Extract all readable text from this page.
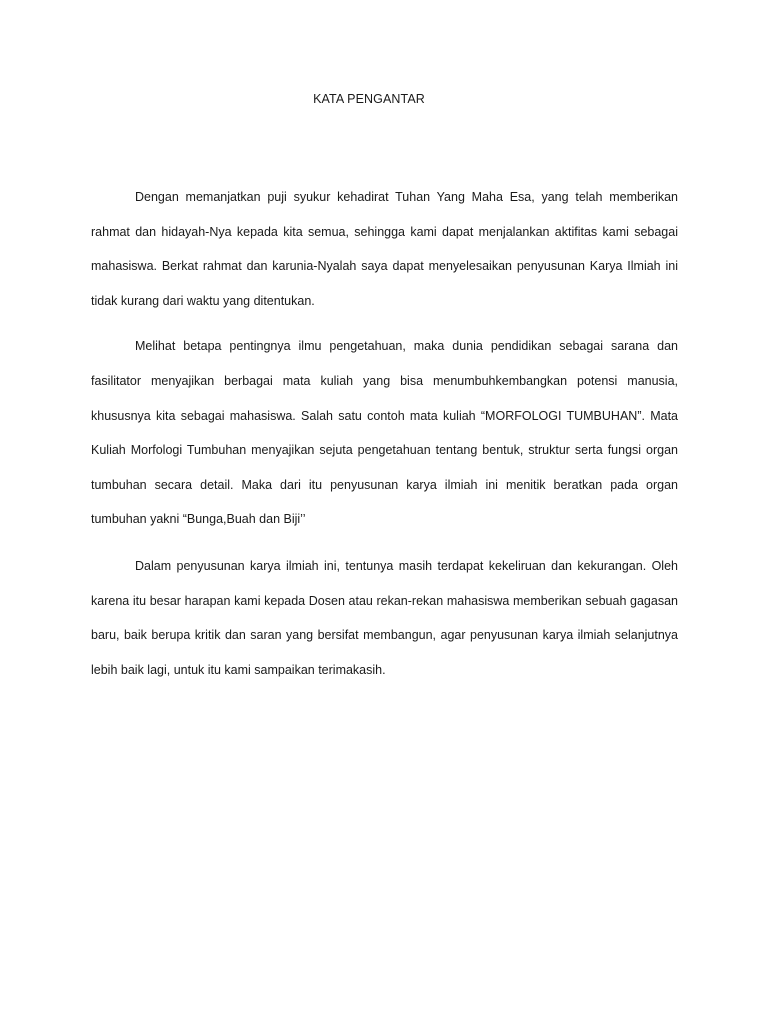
KATA PENGANTAR

Dengan memanjatkan puji syukur kehadirat Tuhan Yang Maha Esa, yang telah memberikan rahmat dan hidayah-Nya kepada kita semua, sehingga kami dapat menjalankan aktifitas kami sebagai mahasiswa. Berkat rahmat dan karunia-Nyalah saya dapat menyelesaikan penyusunan Karya Ilmiah ini tidak kurang dari waktu yang ditentukan.

Melihat betapa pentingnya ilmu pengetahuan, maka dunia pendidikan sebagai sarana dan fasilitator menyajikan berbagai mata kuliah yang bisa menumbuhkembangkan potensi manusia, khususnya kita sebagai mahasiswa. Salah satu contoh mata kuliah “MORFOLOGI TUMBUHAN”. Mata Kuliah Morfologi Tumbuhan menyajikan sejuta pengetahuan tentang bentuk, struktur serta fungsi organ tumbuhan secara detail. Maka dari itu penyusunan karya ilmiah ini menitik beratkan pada organ tumbuhan yakni “Bunga,Buah dan Biji’’

Dalam penyusunan karya ilmiah ini, tentunya masih terdapat kekeliruan dan kekurangan. Oleh karena itu besar harapan kami kepada Dosen atau rekan-rekan mahasiswa memberikan sebuah gagasan baru, baik berupa kritik dan saran yang bersifat membangun, agar penyusunan karya ilmiah selanjutnya lebih baik lagi, untuk itu kami sampaikan terimakasih.
